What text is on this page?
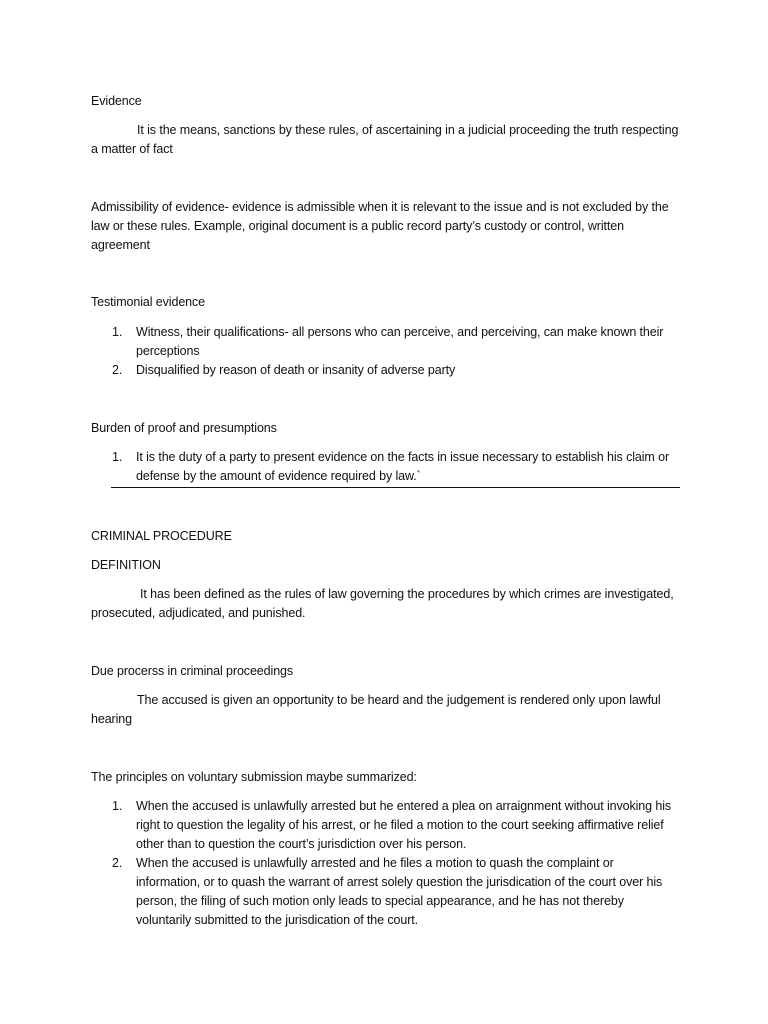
Evidence
It is the means, sanctions by these rules, of ascertaining in a judicial proceeding the truth respecting a matter of fact
Admissibility of evidence- evidence is admissible when it is relevant to the issue and is not excluded by the law or these rules. Example, original document is a public record party’s custody or control, written agreement
Testimonial evidence
1. Witness, their qualifications- all persons who can perceive, and perceiving, can make known their perceptions
2. Disqualified by reason of death or insanity of adverse party
Burden of proof and presumptions
1. It is the duty of a party to present evidence on the facts in issue necessary to establish his claim or defense by the amount of evidence required by law.`
CRIMINAL PROCEDURE
DEFINITION
It has been defined as the rules of law governing the procedures by which crimes are investigated, prosecuted, adjudicated, and punished.
Due procerss in criminal proceedings
The accused is given an opportunity to be heard and the judgement is rendered only upon lawful hearing
The principles on voluntary submission maybe summarized:
1. When the accused is unlawfully arrested but he entered a plea on arraignment without invoking his right to question the legality of his arrest, or he filed a motion to the court seeking affirmative relief other than to question the court’s jurisdiction over his person.
2. When the accused is unlawfully arrested and he files a motion to quash the complaint or information, or to quash the warrant of arrest solely question the jurisdication of the court over his person, the filing of such motion only leads to special appearance, and he has not thereby voluntarily submitted to the jurisdication of the court.
